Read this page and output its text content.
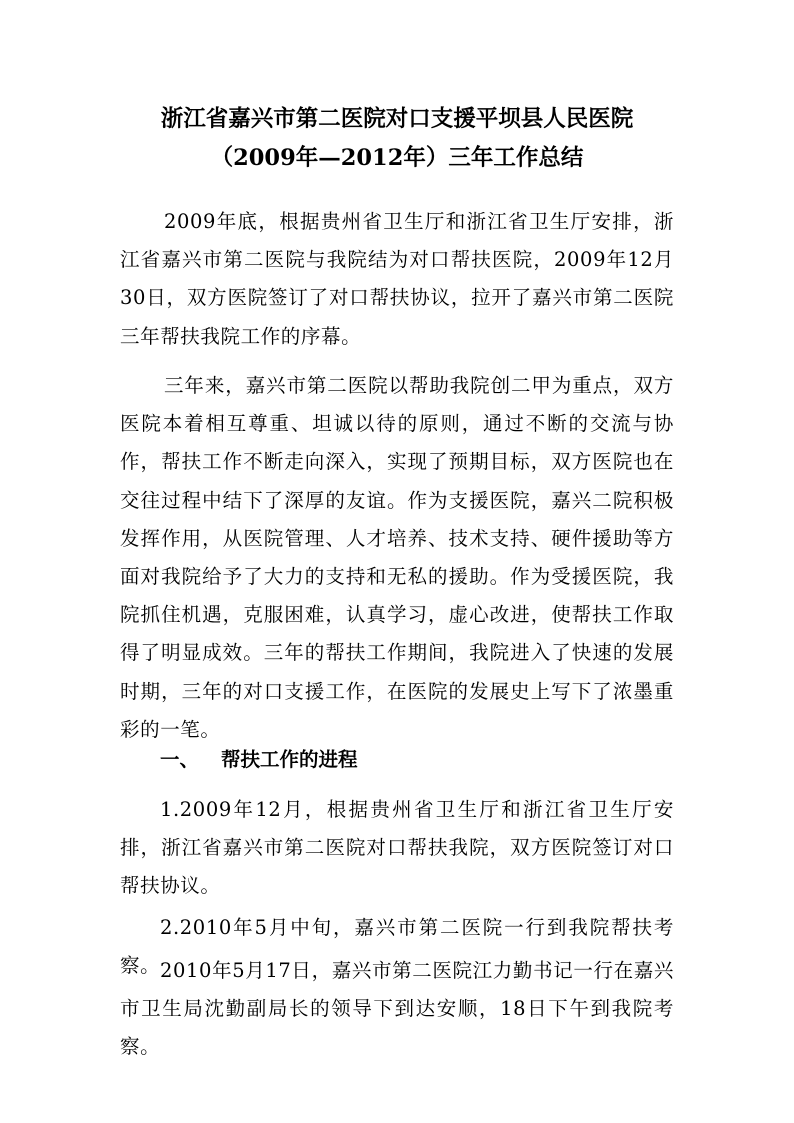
浙江省嘉兴市第二医院对口支援平坝县人民医院
（2009年—2012年）三年工作总结
2009年底，根据贵州省卫生厅和浙江省卫生厅安排，浙江省嘉兴市第二医院与我院结为对口帮扶医院，2009年12月30日，双方医院签订了对口帮扶协议，拉开了嘉兴市第二医院三年帮扶我院工作的序幕。
三年来，嘉兴市第二医院以帮助我院创二甲为重点，双方医院本着相互尊重、坦诚以待的原则，通过不断的交流与协作，帮扶工作不断走向深入，实现了预期目标，双方医院也在交往过程中结下了深厚的友谊。作为支援医院，嘉兴二院积极发挥作用，从医院管理、人才培养、技术支持、硬件援助等方面对我院给予了大力的支持和无私的援助。作为受援医院，我院抓住机遇，克服困难，认真学习，虚心改进，使帮扶工作取得了明显成效。三年的帮扶工作期间，我院进入了快速的发展时期，三年的对口支援工作，在医院的发展史上写下了浓墨重彩的一笔。
一、 帮扶工作的进程
1.2009年12月，根据贵州省卫生厅和浙江省卫生厅安排，浙江省嘉兴市第二医院对口帮扶我院，双方医院签订对口帮扶协议。
2.2010年5月中旬，嘉兴市第二医院一行到我院帮扶考察。 2010年5月17日，嘉兴市第二医院江力勤书记一行在嘉兴市卫生局沈勤副局长的领导下到达安顺，18日下午到我院考察。
